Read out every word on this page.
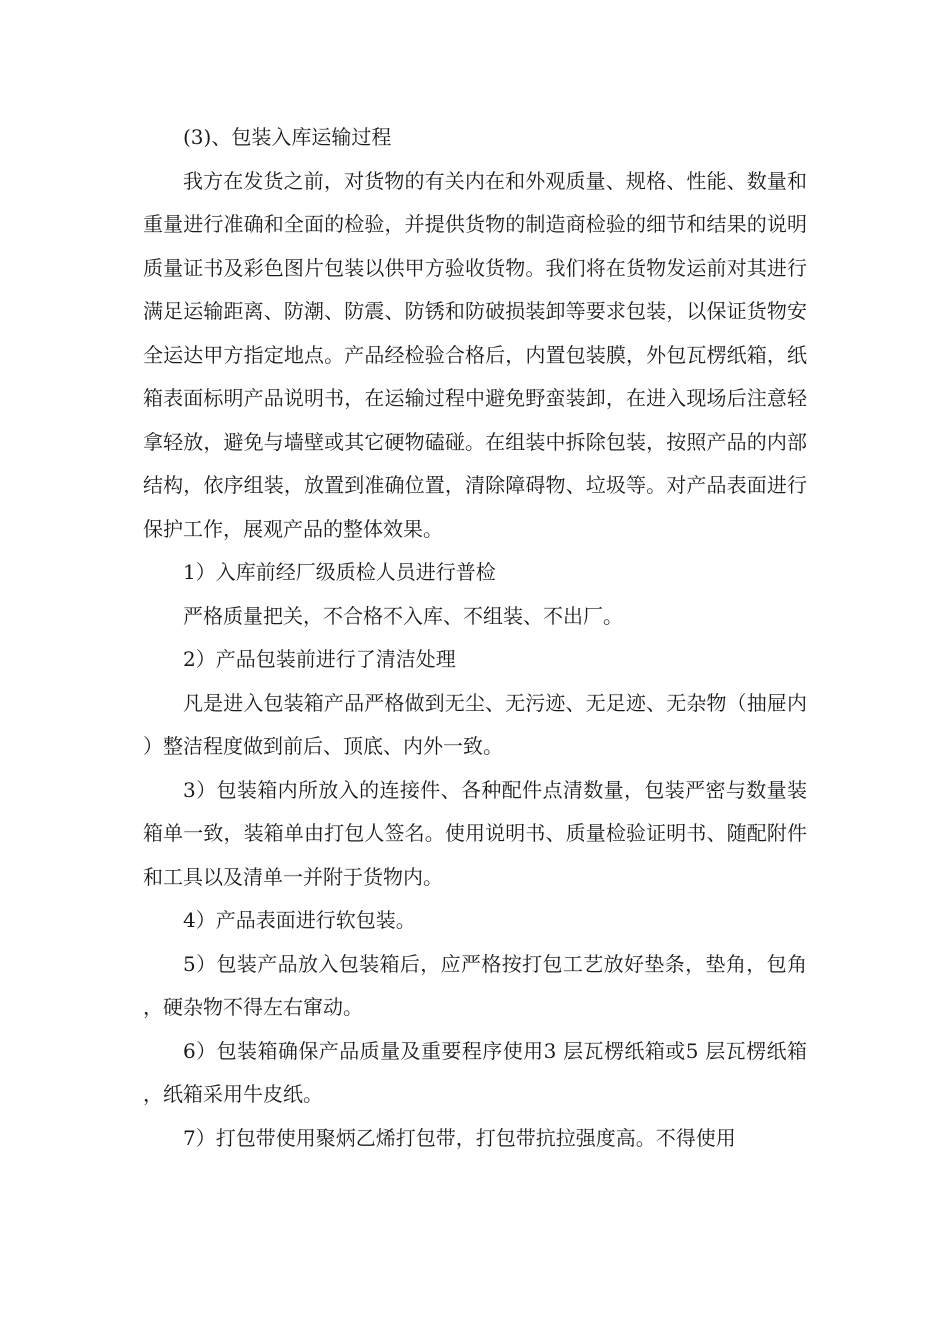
(3)、包装入库运输过程

我方在发货之前，对货物的有关内在和外观质量、规格、性能、数量和重量进行准确和全面的检验，并提供货物的制造商检验的细节和结果的说明质量证书及彩色图片包装以供甲方验收货物。我们将在货物发运前对其进行满足运输距离、防潮、防震、防锈和防破损装卸等要求包装，以保证货物安全运达甲方指定地点。产品经检验合格后，内置包装膜，外包瓦楞纸箱，纸箱表面标明产品说明书，在运输过程中避免野蛮装卸，在进入现场后注意轻拿轻放，避免与墙壁或其它硬物磕碰。在组装中拆除包装，按照产品的内部结构，依序组装，放置到准确位置，清除障碍物、垃圾等。对产品表面进行保护工作，展观产品的整体效果。

1）入库前经厂级质检人员进行普检

严格质量把关，不合格不入库、不组装、不出厂。

2）产品包装前进行了清洁处理

凡是进入包装箱产品严格做到无尘、无污迹、无足迹、无杂物（抽屉内）整洁程度做到前后、顶底、内外一致。

3）包装箱内所放入的连接件、各种配件点清数量，包装严密与数量装箱单一致，装箱单由打包人签名。使用说明书、质量检验证明书、随配附件和工具以及清单一并附于货物内。

4）产品表面进行软包装。

5）包装产品放入包装箱后，应严格按打包工艺放好垫条，垫角，包角，硬杂物不得左右窜动。

6）包装箱确保产品质量及重要程序使用3 层瓦楞纸箱或5 层瓦楞纸箱，纸箱采用牛皮纸。

7）打包带使用聚炳乙烯打包带，打包带抗拉强度高。不得使用
